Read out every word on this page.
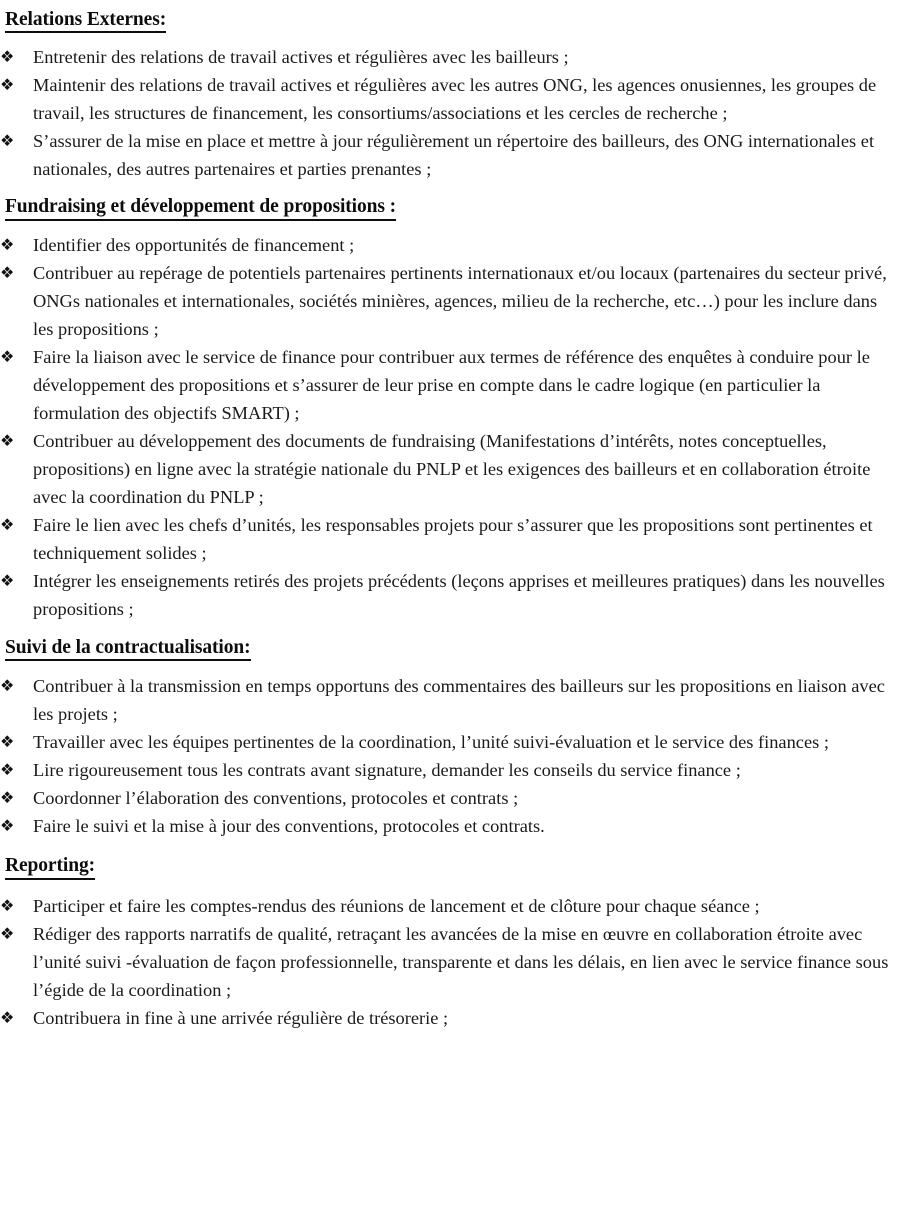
Relations Externes:
❖	Entretenir des relations de travail actives et régulières avec les bailleurs ;
❖	Maintenir des relations de travail actives et régulières avec les autres ONG, les agences onusiennes, les groupes de travail, les structures de financement, les consortiums/associations et les cercles de recherche ;
❖	S’assurer de la mise en place et mettre à jour régulièrement un répertoire des bailleurs, des ONG internationales et nationales, des autres partenaires et parties prenantes ;
Fundraising et développement de propositions :
❖	Identifier des opportunités de financement ;
❖	Contribuer au repérage de potentiels partenaires pertinents internationaux et/ou locaux (partenaires du secteur privé, ONGs nationales et internationales, sociétés minières, agences, milieu de la recherche, etc…) pour les inclure dans les propositions ;
❖	Faire la liaison avec le service de finance pour contribuer aux termes de référence des enquêtes à conduire pour le développement des propositions et s’assurer de leur prise en compte dans le cadre logique (en particulier la formulation des objectifs SMART) ;
❖	Contribuer au développement des documents de fundraising (Manifestations d’intérêts, notes conceptuelles, propositions) en ligne avec la stratégie nationale du PNLP et les exigences des bailleurs et en collaboration étroite avec la coordination du PNLP ;
❖	Faire le lien avec les chefs d’unités, les responsables projets pour s’assurer que les propositions sont pertinentes et techniquement solides ;
❖	Intégrer les enseignements retirés des projets précédents (leçons apprises et meilleures pratiques) dans les nouvelles propositions ;
Suivi de la contractualisation:
❖	Contribuer à la transmission en temps opportuns des commentaires des bailleurs sur les propositions en liaison avec les projets ;
❖	Travailler avec les équipes pertinentes de la coordination, l’unité suivi-évaluation et le service des finances ;
❖	Lire rigoureusement tous les contrats avant signature, demander les conseils du service finance ;
❖	Coordonner l’élaboration des conventions, protocoles et contrats ;
❖	Faire le suivi et la mise à jour des conventions, protocoles et contrats.
Reporting:
❖	Participer et faire les comptes-rendus des réunions de lancement et de clôture pour chaque séance ;
❖	Rédiger des rapports narratifs de qualité, retraçant les avancées de la mise en œuvre en collaboration étroite avec l’unité suivi -évaluation de façon professionnelle, transparente et dans les délais, en lien avec le service finance sous l’égide de la coordination ;
❖	Contribuera in fine à une arrivée régulière de trésorerie ;
